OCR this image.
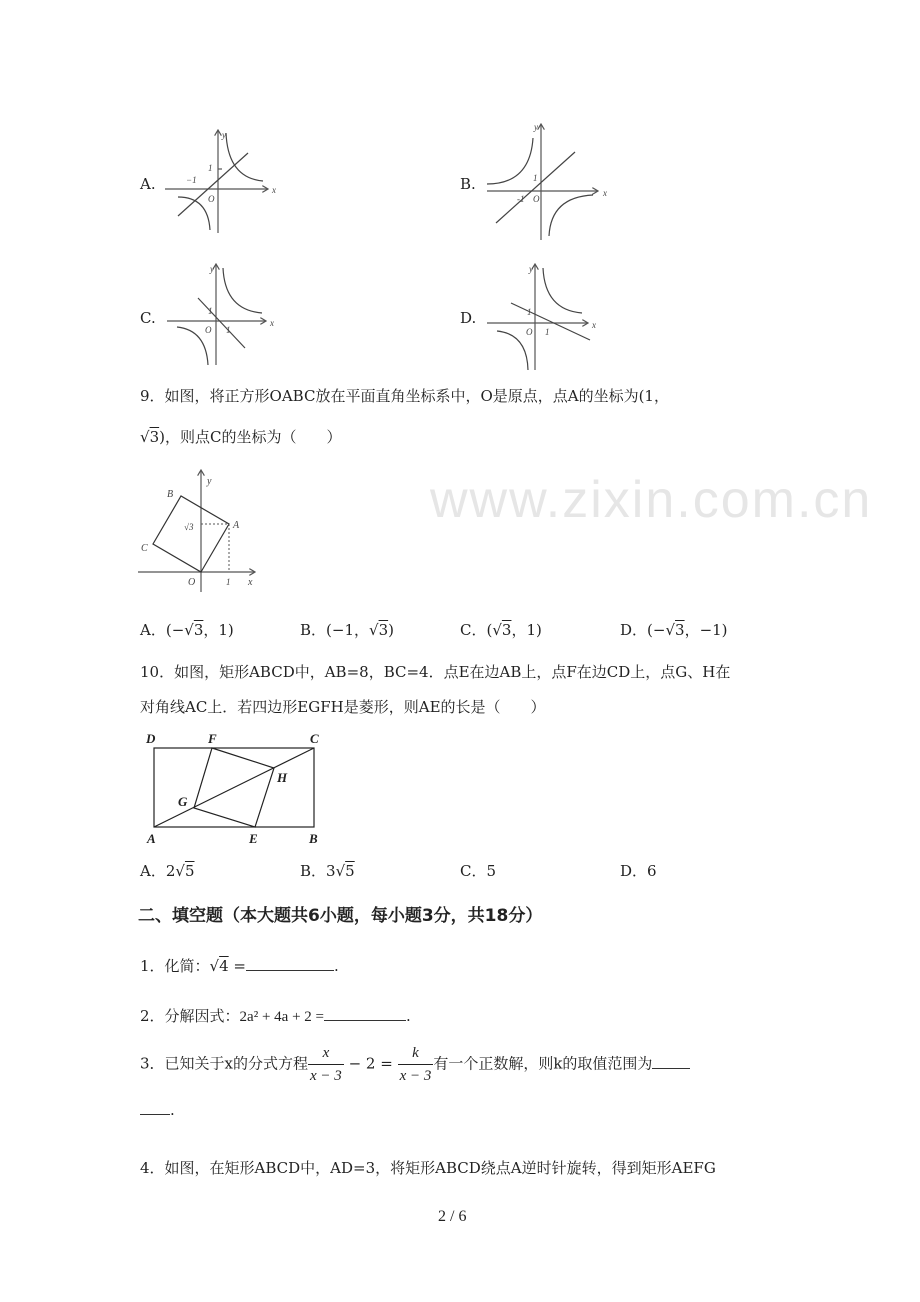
www.zixin.com.cn
A.	B.
C.	D.
y
x
O
1
−1
y
x
O
1
-1
y
x
O
1
1
y
x
O
1
1
y
x
O
A
B
C
1
√3
D	F	C
H
G
A	E	B
9．如图，将正方形OABC放在平面直角坐标系中，O是原点，点A的坐标为(1，
√3)，则点C的坐标为（　　）
A．(−√3，1)	B．(−1，√3)	C．(√3，1)	D．(−√3，−1)
10．如图，矩形ABCD中，AB=8，BC=4．点E在边AB上，点F在边CD上，点G、H在
对角线AC上．若四边形EGFH是菱形，则AE的长是（　　）
A．2√5	B．3√5	C．5	D．6
二、填空题（本大题共6小题，每小题3分，共18分）
1．化简：√4 =	.
2．分解因式：2a² + 4a + 2 =	.
3．已知关于x的分式方程 $\frac{x}{x - 3} - 2 = \frac{k}{x - 3}$ 有一个正数解，则k的取值范围为
.
4．如图，在矩形ABCD中，AD=3，将矩形ABCD绕点A逆时针旋转，得到矩形AEFG
2 / 6
